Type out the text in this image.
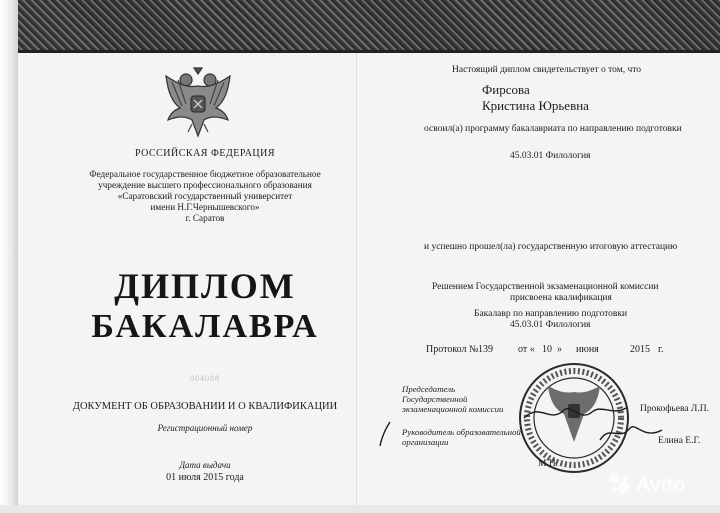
РОССИЙСКАЯ ФЕДЕРАЦИЯ
Федеральное государственное бюджетное образовательное
учреждение высшего профессионального образования
«Саратовский государственный университет
имени Н.Г.Чернышевского»
г. Саратов
ДИПЛОМ
БАКАЛАВРА
004088
ДОКУМЕНТ ОБ ОБРАЗОВАНИИ И О КВАЛИФИКАЦИИ
Регистрационный номер
Дата выдачи
01 июля 2015 года
Настоящий диплом свидетельствует о том, что
Фирсова
Кристина Юрьевна
освоил(а) программу бакалавриата по направлению подготовки
45.03.01 Филология
и успешно прошел(ла) государственную итоговую аттестацию
Решением Государственной экзаменационной комиссии
присвоена квалификация
Бакалавр по направлению подготовки
45.03.01 Филология
Протокол № 139	от « 10 » июня	2015 г.
Председатель
Государственной
экзаменационной комиссии	Прокофьева Л.П.
Руководитель образовательной
организации	Елина Е.Г.
М.П.
Avito
